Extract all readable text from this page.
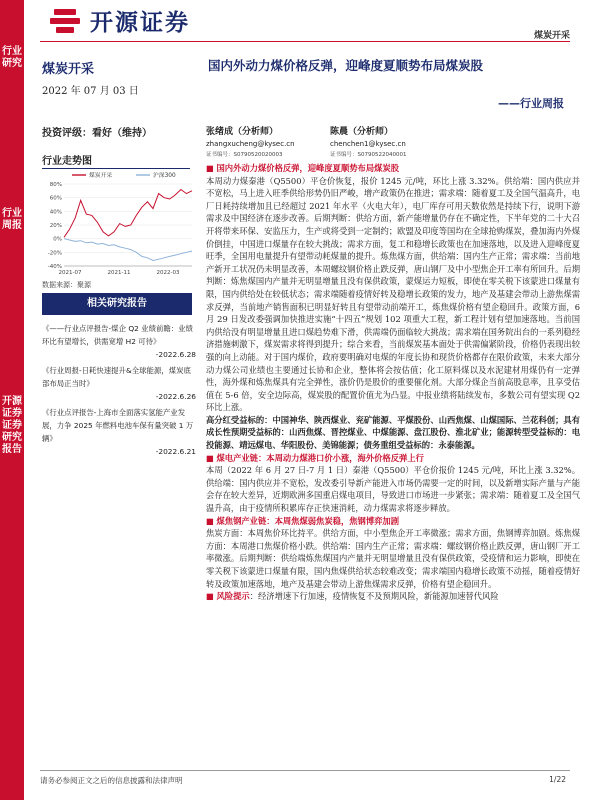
行业研究
行业周报
开源证券证券研究报告
开源证券	煤炭开采
煤炭开采
2022 年 07 月 03 日
国内外动力煤价格反弹，迎峰度夏顺势布局煤炭股
——行业周报
投资评级：看好（维持）
行业走势图
80%
60%
40%
20%
0%
-20%
-40%
2021-07	2021-11	2022-03
煤炭开采	沪深300
数据来源：聚源
相关研究报告
《——行业点评报告-煤企 Q2 业绩前瞻：业绩环比有望增长，供需宽增 H2 可待》
-2022.6.28
《行业周报-日耗快速提升&全球能源，煤炭底部布局正当时》
-2022.6.26
《行业点评报告-上海市全面落实氢能产业发展，力争 2025 年燃料电池车保有量突破 1 万辆》
-2022.6.21
张绪成（分析师）
zhangxucheng@kysec.cn
证书编号：S0790520020003
陈晨（分析师）
chenchen1@kysec.cn
证书编号：S0790522040001

■ 国内外动力煤价格反弹，迎峰度夏顺势布局煤炭股

本周动力煤秦港（Q5500）平仓价恢复，报价 1245 元/吨，环比上涨 3.32%。供给端：国内供应并不宽松，马上进入旺季供给形势仍旧严峻，增产政策仍在推进；需求端：随着夏工及全国气温高升，电厂日耗持续增加且已经超过 2021 年水平（火电大年），电厂库存可用天数依然是持续下行，说明下游需求及中国经济在逐步改善。后期判断：供给方面，新产能增量仍存在不确定性，下半年党的二十大召开将带来环保、安监压力，生产或将受到一定制约；欧盟及印度等国均在全球抢购煤炭，叠加海内外煤价倒挂，中国进口煤量存在较大挑战；需求方面，复工和稳增长政策也在加速落地，以及进入迎峰度夏旺季，全国用电量提升有望带动耗煤量的提升。炼焦煤方面，供给端：国内生产正常；需求端：当前地产新开工状况仍未明显改善，本周螺纹钢价格止跌反弹，唐山钢厂及中小型焦企开工率有所回升。后期判断：炼焦煤国内产量并无明显增量且没有保供政策，蒙煤运力短板，即使在零关税下该蒙进口煤量有限，国内供给处在较低状态；需求端随着疫情好转及稳增长政策的发力，地产及基建会带动上游焦煤需求反弹，当前地产销售面积已明显好转且有望带动前端开工，炼焦煤价格有望企稳回升。政策方面，6 月 29 日发改委强调加快推进实施“十四五”规划 102 项重大工程，新工程计划有望加速落地。当前国内供给没有明显增量且进口煤趋势难下滑，供需端仍面临较大挑战；需求端在国务院出台的一系列稳经济措施刺激下，煤炭需求将得到提升；综合来看，当前煤炭基本面处于供需偏紧阶段，价格仍表现出较强的向上动能。对于国内煤价，政府要明确对电煤的年度长协和现货价格都存在限价政策，未来大部分动力煤公司业绩也主要通过长协和企业，整体将会按估值；化工原料煤以及水泥建材用煤仍有一定弹性，海外煤和炼焦煤具有完全弹性，涨价仍是股价的重要催化剂。大部分煤企当前高股息率，且享受估值在 5-6 倍，安全边际高，煤炭股的配置价值尤为凸显。中报业绩将陆续发布，多数公司有望实现 Q2 环比上涨。

高分红受益标的：中国神华、陕西煤业、兖矿能源、平煤股份、山西焦煤、山煤国际、兰花科创；具有成长性预期受益标的：山西焦煤、晋控煤业、中煤能源、盘江股份、淮北矿业；能源转型受益标的：电投能源、靖远煤电、华阳股份、美锦能源；债务重组受益标的：永泰能源。

■ 煤电产业链：本周动力煤港口价小涨，海外价格反弹上行

本周（2022 年 6 月 27 日-7 月 1 日）秦港（Q5500）平仓价报价 1245 元/吨，环比上涨 3.32%。供给端：国内供应并不宽松，发改委引导新产能进入市场仍需要一定的时间，以及新增实际产量与产能会存在较大差异，近期欧洲多国重启煤电项目，导致进口市场进一步紧张；需求端：随着夏工及全国气温升高，由于疫情所积累库存正快速消耗，动力煤需求将逐步释放。

■ 煤焦钢产业链：本周焦煤弱焦炭稳，焦钢博弈加剧

焦炭方面：本周焦价环比持平。供给方面，中小型焦企开工率微涨；需求方面，焦钢博弈加剧。炼焦煤方面：本周港口焦煤价格小跌。供给端：国内生产正常；需求端：螺纹钢价格止跌反弹，唐山钢厂开工率微涨。后期判断：供给端炼焦煤国内产量并无明显增量且没有保供政策，受疫情和运力影响，即使在零关税下该蒙进口煤量有限，国内焦煤供给状态较难改变；需求端国内稳增长政策不动摇，随着疫情好转及政策加速落地，地产及基建会带动上游焦煤需求反弹，价格有望企稳回升。

■ 风险提示：经济增速下行加速，疫情恢复不及预期风险，新能源加速替代风险

请务必参阅正文之后的信息披露和法律声明	1/22
